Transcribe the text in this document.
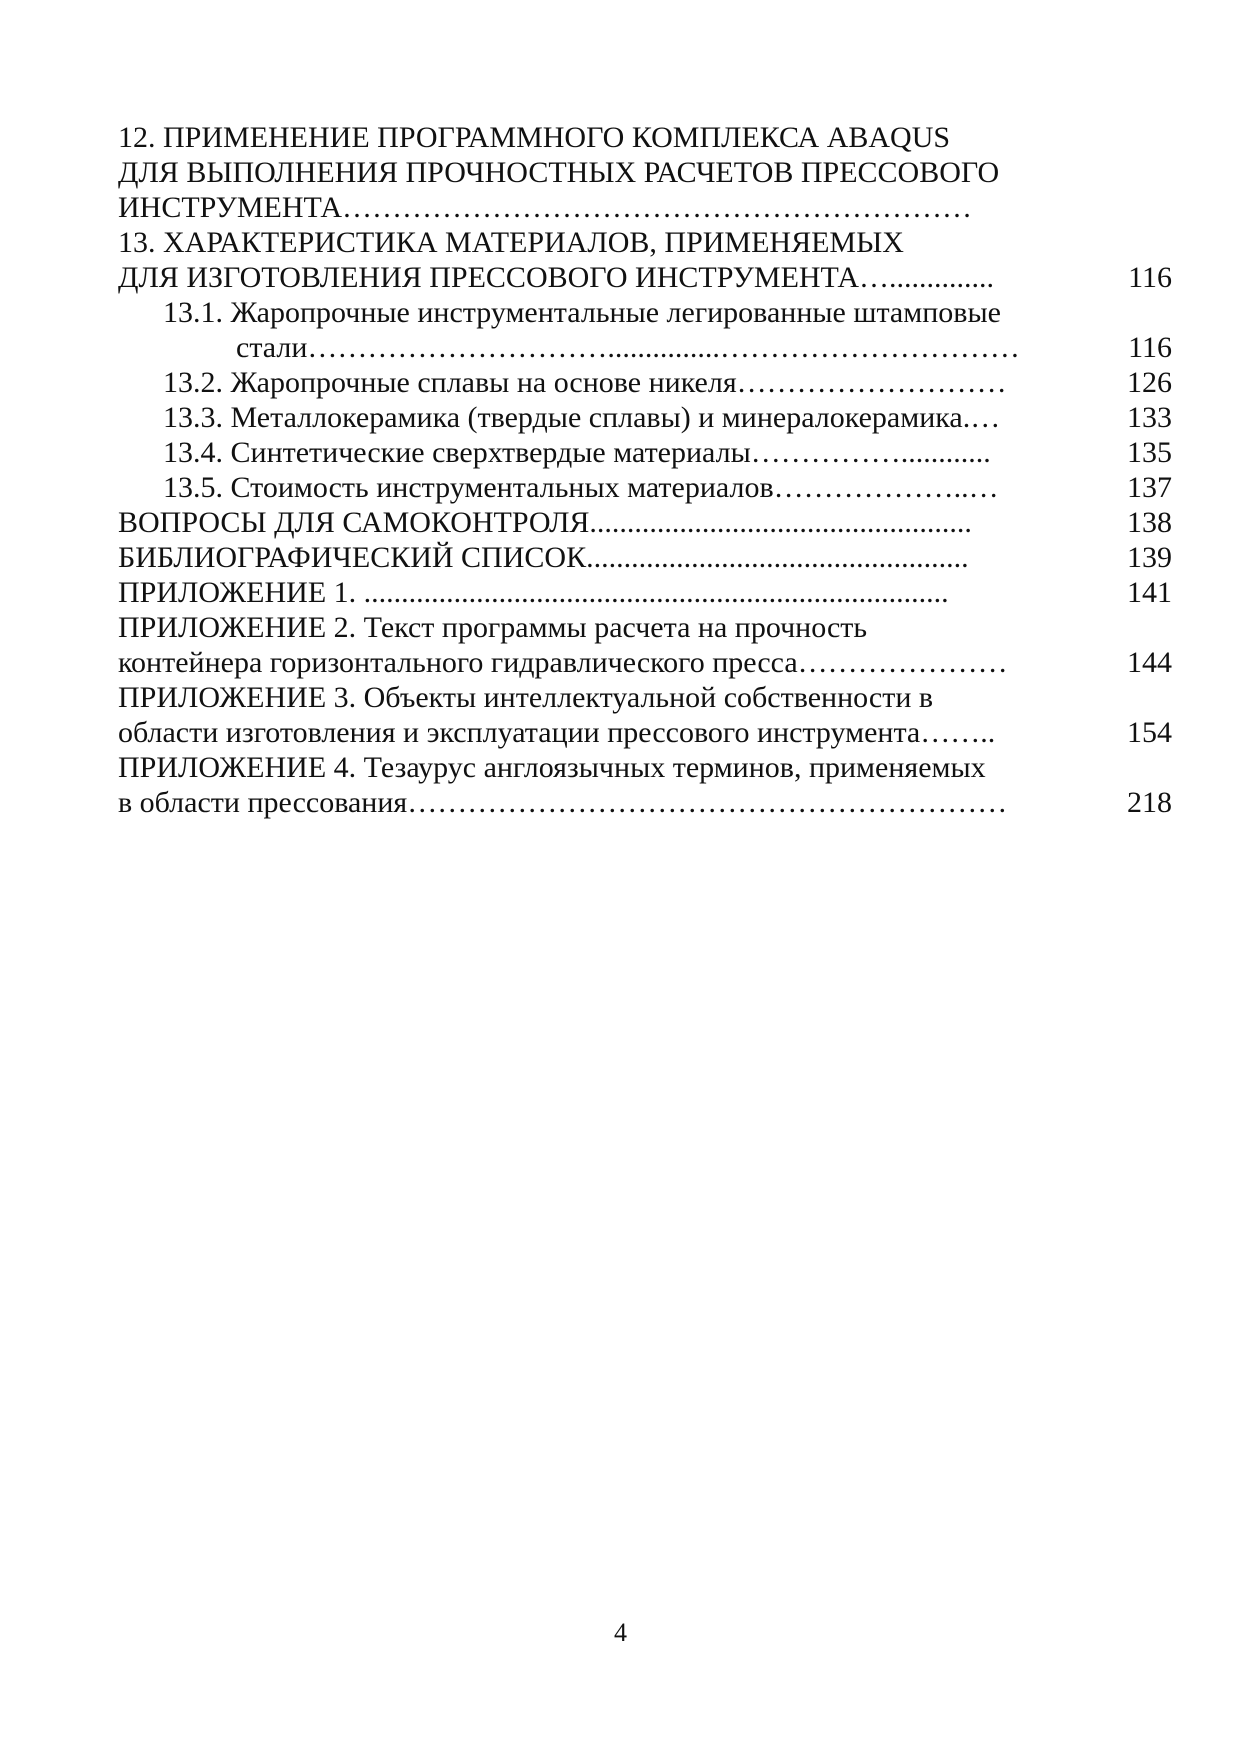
12. ПРИМЕНЕНИЕ ПРОГРАММНОГО КОМПЛЕКСА ABAQUS
ДЛЯ ВЫПОЛНЕНИЯ ПРОЧНОСТНЫХ РАСЧЕТОВ ПРЕССОВОГО
ИНСТРУМЕНТА………………………………………………………
13. ХАРАКТЕРИСТИКА МАТЕРИАЛОВ, ПРИМЕНЯЕМЫХ
ДЛЯ ИЗГОТОВЛЕНИЯ ПРЕССОВОГО ИНСТРУМЕНТА…..............	116
13.1. Жаропрочные инструментальные легированные штамповые
стали…………………………...............…………………………	116
13.2. Жаропрочные сплавы на основе никеля………………………	126
13.3. Металлокерамика (твердые сплавы) и минералокерамика.…	133
13.4. Синтетические сверхтвердые материалы……………............	135
13.5. Стоимость инструментальных материалов………………..…	137
ВОПРОСЫ ДЛЯ САМОКОНТРОЛЯ...................................................	138
БИБЛИОГРАФИЧЕСКИЙ СПИСОК...................................................	139
ПРИЛОЖЕНИЕ 1. ..............................................................................	141
ПРИЛОЖЕНИЕ 2. Текст программы расчета на прочность
контейнера горизонтального гидравлического пресса…………………	144
ПРИЛОЖЕНИЕ 3. Объекты интеллектуальной собственности в
области изготовления и эксплуатации прессового инструмента……..	154
ПРИЛОЖЕНИЕ 4. Тезаурус англоязычных терминов, применяемых
в области прессования……………………………………………………	218
4
